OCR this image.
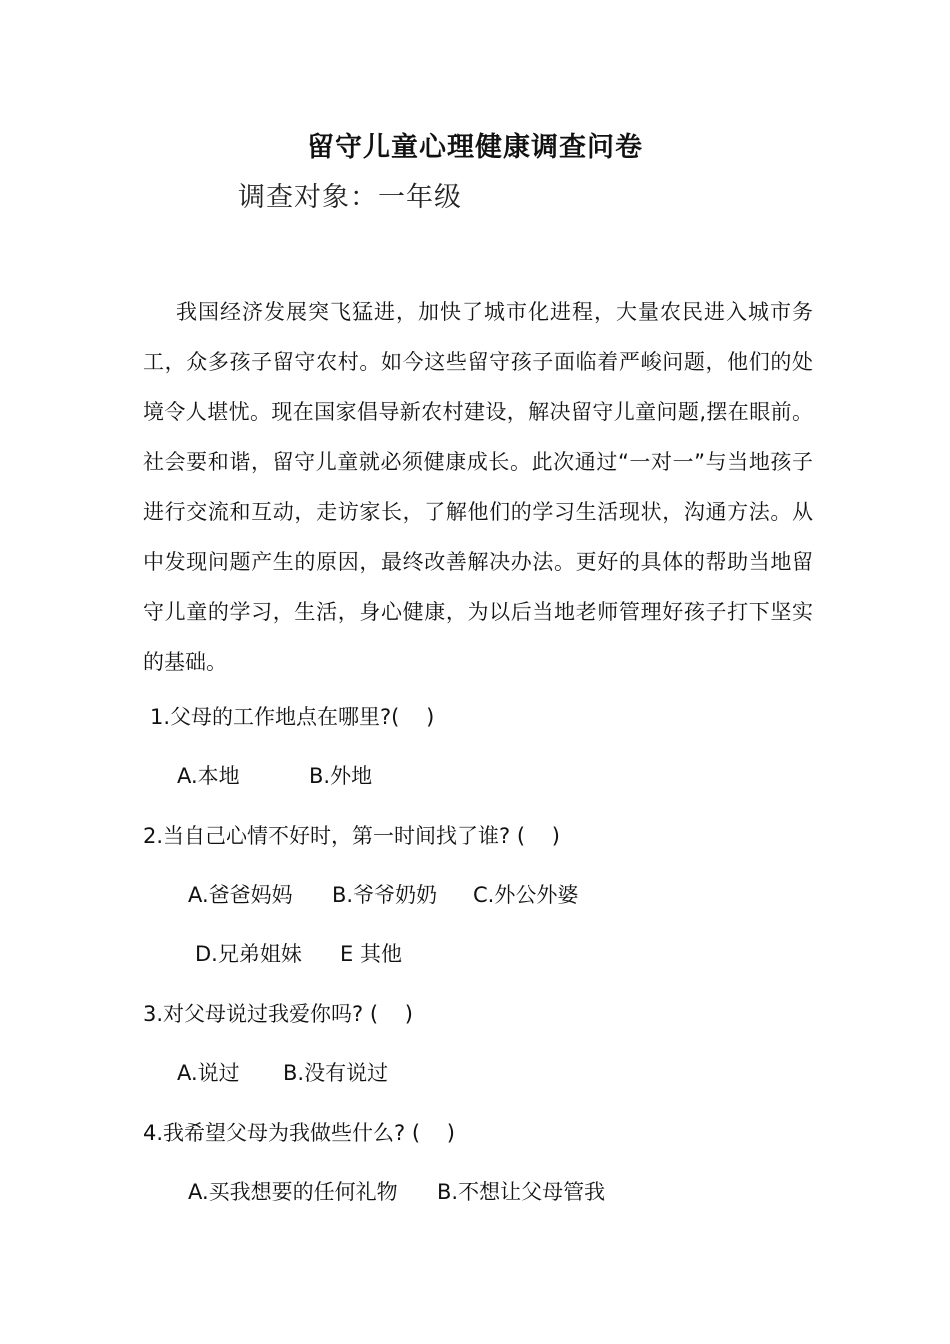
留守儿童心理健康调查问卷
调查对象：一年级
我国经济发展突飞猛进，加快了城市化进程，大量农民进入城市务工，众多孩子留守农村。如今这些留守孩子面临着严峻问题，他们的处境令人堪忧。现在国家倡导新农村建设，解决留守儿童问题,摆在眼前。社会要和谐，留守儿童就必须健康成长。此次通过“一对一”与当地孩子进行交流和互动，走访家长，了解他们的学习生活现状，沟通方法。从中发现问题产生的原因，最终改善解决办法。更好的具体的帮助当地留守儿童的学习，生活，身心健康，为以后当地老师管理好孩子打下坚实的基础。
1.父母的工作地点在哪里?(    )
A.本地	B.外地
2.当自己心情不好时，第一时间找了谁? (    )
A.爸爸妈妈 B.爷爷奶奶 C.外公外婆
D.兄弟姐妹 E 其他
3.对父母说过我爱你吗? (    )
A.说过 B.没有说过
4.我希望父母为我做些什么? (    )
A.买我想要的任何礼物 B.不想让父母管我
